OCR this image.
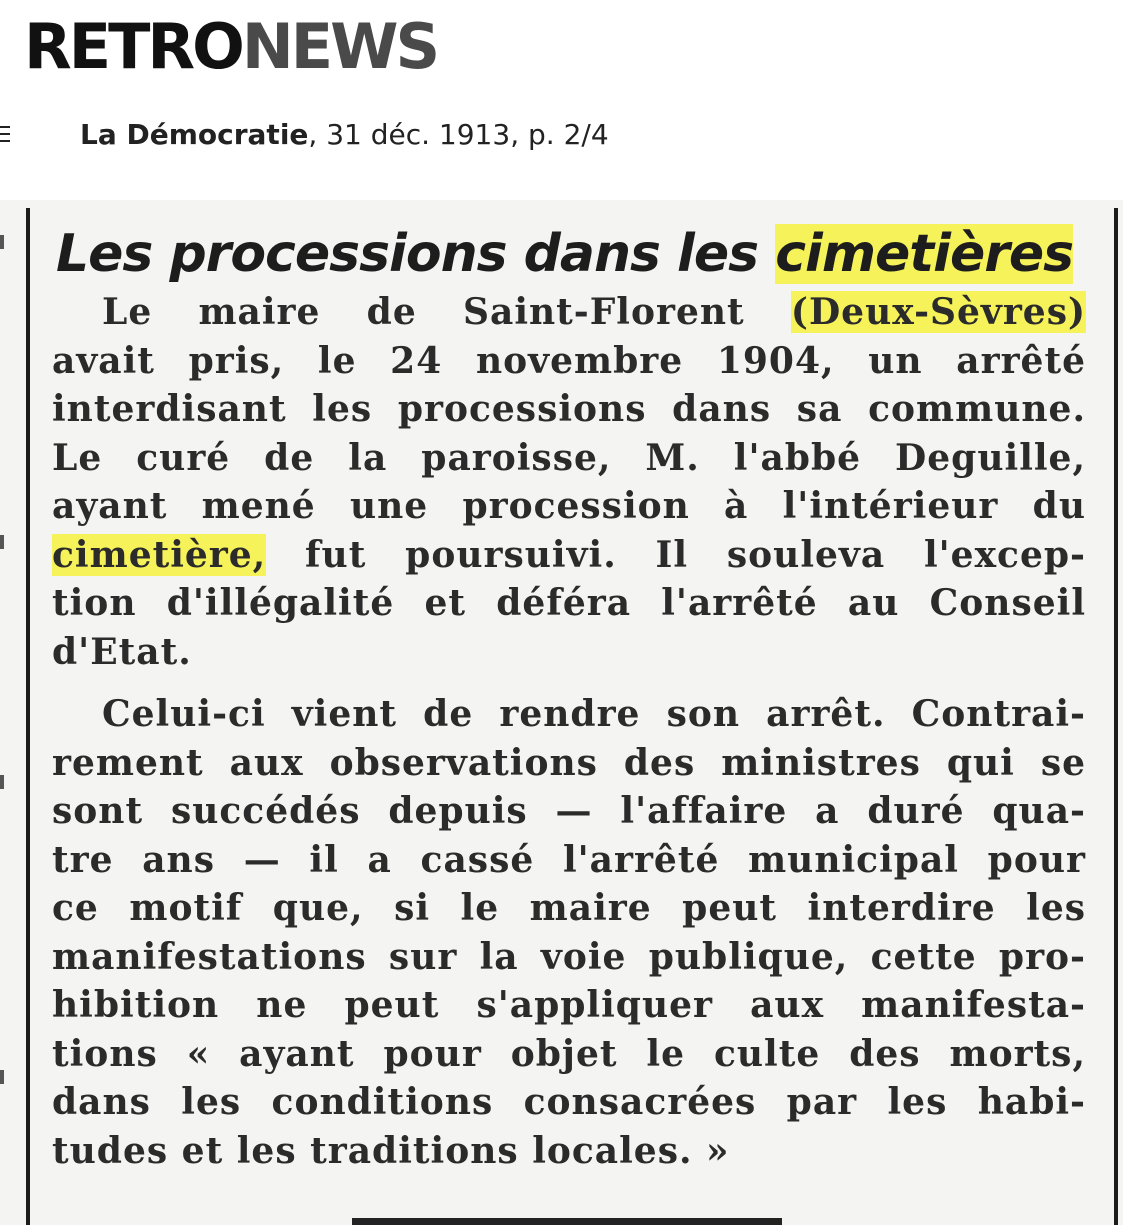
RETRONEWS
La Démocratie, 31 déc. 1913, p. 2/4
Les processions dans les cimetières
Le maire de Saint-Florent (Deux-Sèvres)
avait pris, le 24 novembre 1904, un arrêté
interdisant les processions dans sa commune.
Le curé de la paroisse, M. l'abbé Deguille,
ayant mené une procession à l'intérieur du
cimetière, fut poursuivi. Il souleva l'excep-
tion d'illégalité et déféra l'arrêté au Conseil
d'Etat.
Celui-ci vient de rendre son arrêt. Contrai-
rement aux observations des ministres qui se
sont succédés depuis — l'affaire a duré qua-
tre ans — il a cassé l'arrêté municipal pour
ce motif que, si le maire peut interdire les
manifestations sur la voie publique, cette pro-
hibition ne peut s'appliquer aux manifesta-
tions « ayant pour objet le culte des morts,
dans les conditions consacrées par les habi-
tudes et les traditions locales. »
